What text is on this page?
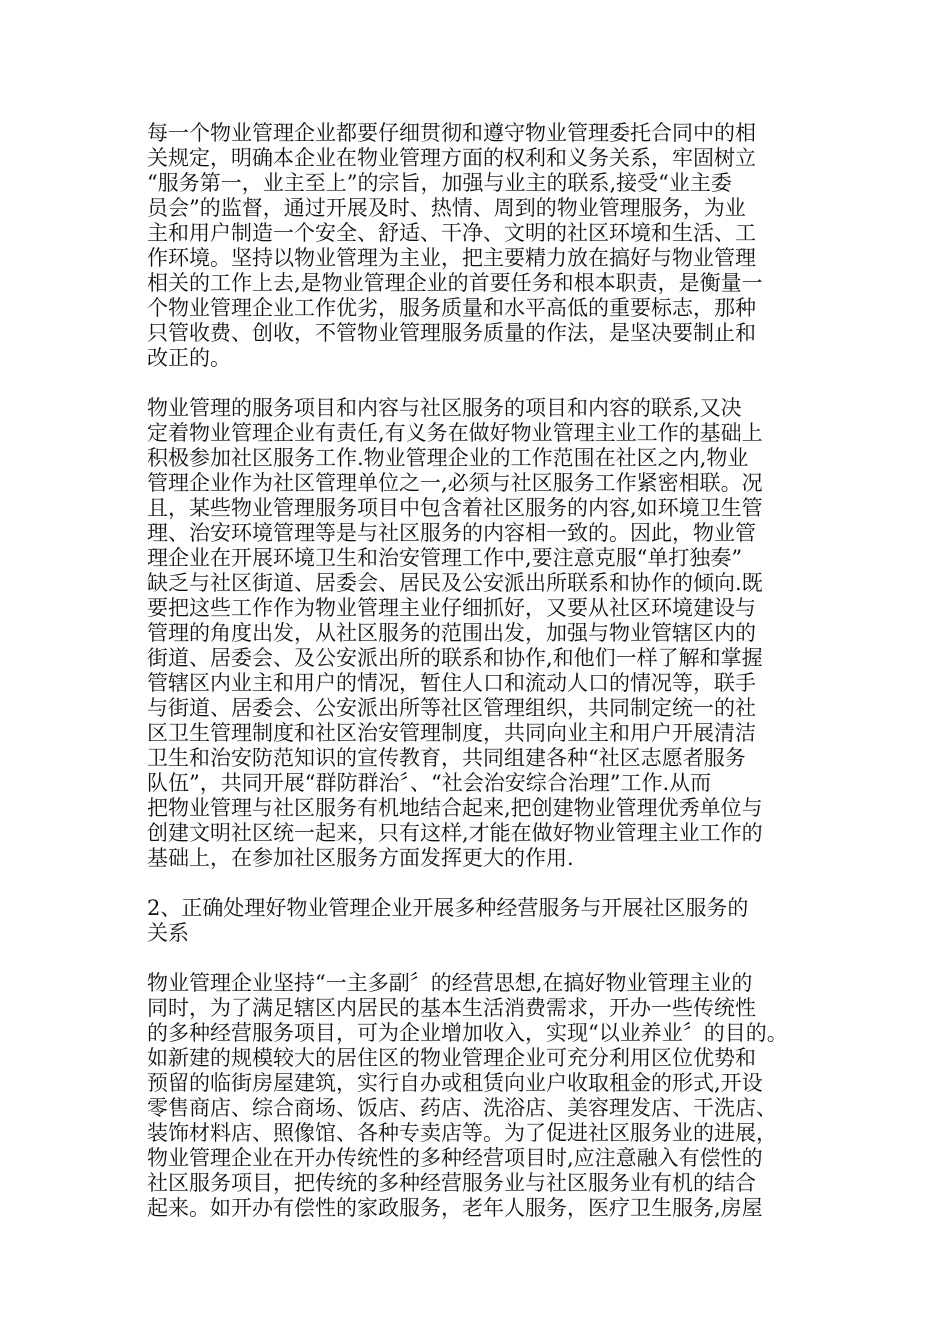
每一个物业管理企业都要仔细贯彻和遵守物业管理委托合同中的相
关规定，明确本企业在物业管理方面的权利和义务关系，牢固树立
“服务第一，业主至上”的宗旨，加强与业主的联系,接受“业主委
员会”的监督，通过开展及时、热情、周到的物业管理服务，为业
主和用户制造一个安全、舒适、干净、文明的社区环境和生活、工
作环境。坚持以物业管理为主业，把主要精力放在搞好与物业管理
相关的工作上去,是物业管理企业的首要任务和根本职责，是衡量一
个物业管理企业工作优劣，服务质量和水平高低的重要标志，那种
只管收费、创收，不管物业管理服务质量的作法，是坚决要制止和
改正的。
物业管理的服务项目和内容与社区服务的项目和内容的联系,又决
定着物业管理企业有责任,有义务在做好物业管理主业工作的基础上
积极参加社区服务工作.物业管理企业的工作范围在社区之内,物业
管理企业作为社区管理单位之一,必须与社区服务工作紧密相联。况
且，某些物业管理服务项目中包含着社区服务的内容,如环境卫生管
理、治安环境管理等是与社区服务的内容相一致的。因此，物业管
理企业在开展环境卫生和治安管理工作中,要注意克服“单打独奏”
缺乏与社区街道、居委会、居民及公安派出所联系和协作的倾向.既
要把这些工作作为物业管理主业仔细抓好，又要从社区环境建设与
管理的角度出发，从社区服务的范围出发，加强与物业管辖区内的
街道、居委会、及公安派出所的联系和协作,和他们一样了解和掌握
管辖区内业主和用户的情况，暂住人口和流动人口的情况等，联手
与街道、居委会、公安派出所等社区管理组织，共同制定统一的社
区卫生管理制度和社区治安管理制度，共同向业主和用户开展清洁
卫生和治安防范知识的宣传教育，共同组建各种“社区志愿者服务
队伍”，共同开展“群防群治〞、“社会治安综合治理”工作.从而
把物业管理与社区服务有机地结合起来,把创建物业管理优秀单位与
创建文明社区统一起来，只有这样,才能在做好物业管理主业工作的
基础上，在参加社区服务方面发挥更大的作用.
2、正确处理好物业管理企业开展多种经营服务与开展社区服务的
关系
物业管理企业坚持“一主多副〞的经营思想,在搞好物业管理主业的
同时，为了满足辖区内居民的基本生活消费需求，开办一些传统性
的多种经营服务项目，可为企业增加收入，实现“以业养业〞的目的。
如新建的规模较大的居住区的物业管理企业可充分利用区位优势和
预留的临街房屋建筑，实行自办或租赁向业户收取租金的形式,开设
零售商店、综合商场、饭店、药店、洗浴店、美容理发店、干洗店、
装饰材料店、照像馆、各种专卖店等。为了促进社区服务业的进展，
物业管理企业在开办传统性的多种经营项目时,应注意融入有偿性的
社区服务项目，把传统的多种经营服务业与社区服务业有机的结合
起来。如开办有偿性的家政服务，老年人服务，医疗卫生服务,房屋
